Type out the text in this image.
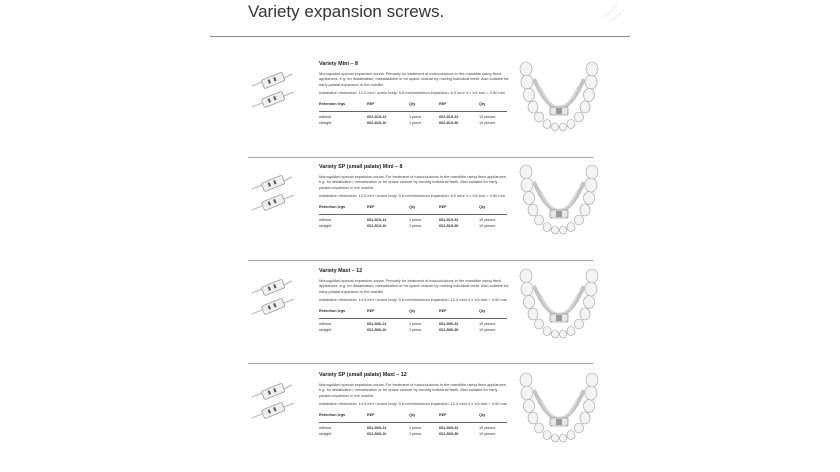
Variety expansion screws.

Variety Mini – 8

Monoguided special expansion screw. Primarily for treatment of malocclusions in the mandible using fixed appliances, e.g. for distalisation, mesialization or for space closure by moving individual teeth. Also suitable for early palatal expansion in the maxilla.

Installation dimension: 12.0 mm / screw body: 9.6 mm/maximum expansion: 8.0 mm/ 4 x 1/4 turn = 0.80 mm

Retention legs	REF	Qty	REF	Qty

without	602-815-12	1 piece	602-815-32	10 pieces
straight	602-815-10	1 piece	602-815-30	10 pieces

Variety SP (small palate) Mini – 8

Monoguided special expansion screw. For treatment of malocclusions in the mandible using fixed appliances, e.g. for distalisation, mesialization or for space closure by moving individual teeth. Also suitable for early palatal expansion in the maxilla.

Installation dimension: 12.0 mm / screw body: 9.6 mm/maximum expansion: 8.0 mm/ 4 x 1/4 turn = 0.80 mm

Retention legs	REF	Qty	REF	Qty

without	602-819-12	1 piece	602-819-32	10 pieces
straight	602-819-10	1 piece	602-819-30	10 pieces

Variety Maxi – 12

Monoguided special expansion screw. Primarily for treatment of malocclusions in the mandible using fixed appliances, e.g. for distalisation, mesialization or for space closure by moving individual teeth. Also suitable for early palatal expansion in the maxilla.

Installation dimension: 14.9 mm / screw body: 9.6 mm/maximum expansion: 12.0 mm/ 4 x 1/4 turn = 0.80 mm

Retention legs	REF	Qty	REF	Qty

without	602-806-12	1 piece	602-806-32	10 pieces
straight	602-806-10	1 piece	602-806-30	10 pieces

Variety SP (small palate) Maxi – 12

Monoguided special expansion screw. For treatment of malocclusions in the mandible using fixed appliances, e.g. for distalisation, mesialization or for space closure by moving individual teeth. Also suitable for early palatal expansion in the maxilla.

Installation dimension: 14.9 mm / screw body: 9.6 mm/maximum expansion: 12.0 mm/ 4 x 1/4 turn = 0.80 mm

Retention legs	REF	Qty	REF	Qty

without	602-809-12	1 piece	602-809-32	10 pieces
straight	602-809-10	1 piece	602-809-30	10 pieces
